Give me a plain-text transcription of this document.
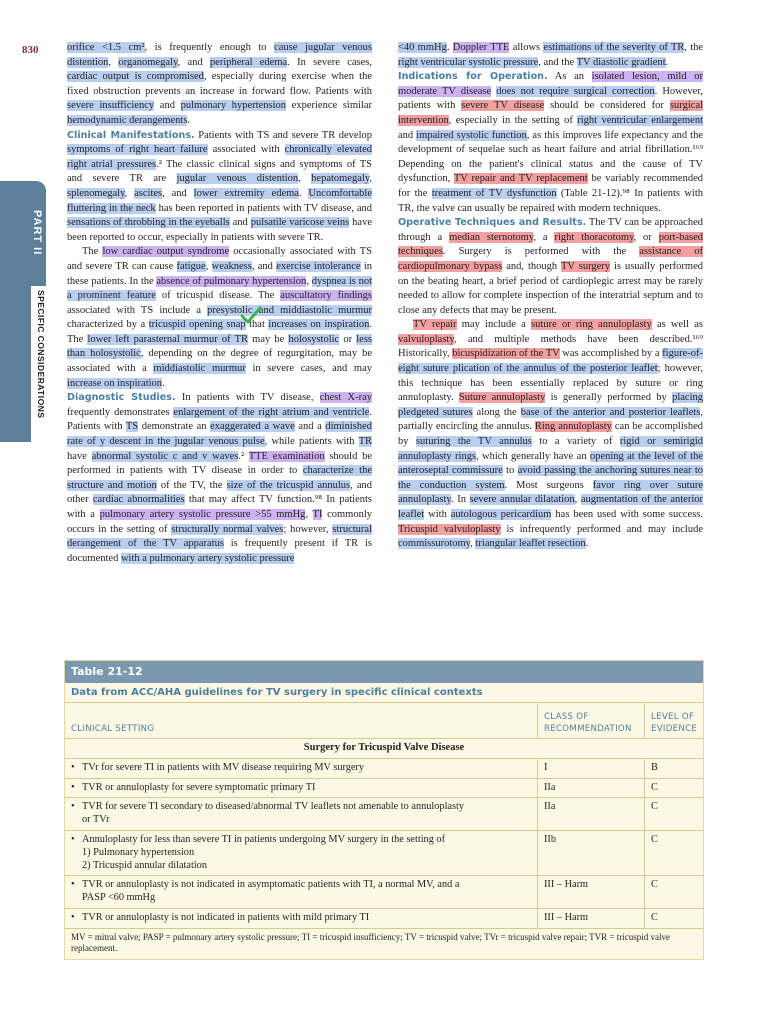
830
PART II
SPECIFIC CONSIDERATIONS

orifice <1.5 cm², is frequently enough to cause jugular venous distention, organomegaly, and peripheral edema. In severe cases, cardiac output is compromised, especially during exercise when the fixed obstruction prevents an increase in forward flow. Patients with severe insufficiency and pulmonary hypertension experience similar hemodynamic derangements.

Clinical Manifestations. Patients with TS and severe TR develop symptoms of right heart failure associated with chronically elevated right atrial pressures.² The classic clinical signs and symptoms of TS and severe TR are jugular venous distention, hepatomegaly, splenomegaly, ascites, and lower extremity edema. Uncomfortable fluttering in the neck has been reported in patients with TV disease, and sensations of throbbing in the eyeballs and pulsatile varicose veins have been reported to occur, especially in patients with severe TR.

The low cardiac output syndrome occasionally associated with TS and severe TR can cause fatigue, weakness, and exercise intolerance in these patients. In the absence of pulmonary hypertension, dyspnea is not a prominent feature of tricuspid disease. The auscultatory findings associated with TS include a presystolic and middiastolic murmur characterized by a tricuspid opening snap that increases on inspiration. The lower left parasternal murmur of TR may be holosystolic or less than holosystolic, depending on the degree of regurgitation, may be associated with a middiastolic murmur in severe cases, and may increase on inspiration.

Diagnostic Studies. In patients with TV disease, chest X-ray frequently demonstrates enlargement of the right atrium and ventricle. Patients with TS demonstrate an exaggerated a wave and a diminished rate of y descent in the jugular venous pulse, while patients with TR have abnormal systolic c and v waves.² TTE examination should be performed in patients with TV disease in order to characterize the structure and motion of the TV, the size of the tricuspid annulus, and other cardiac abnormalities that may affect TV function.⁹⁸ In patients with a pulmonary artery systolic pressure >55 mmHg, TI commonly occurs in the setting of structurally normal valves; however, structural derangement of the TV apparatus is frequently present if TR is documented with a pulmonary artery systolic pressure

<40 mmHg. Doppler TTE allows estimations of the severity of TR, the right ventricular systolic pressure, and the TV diastolic gradient.

Indications for Operation. As an isolated lesion, mild or moderate TV disease does not require surgical correction. However, patients with severe TV disease should be considered for surgical intervention, especially in the setting of right ventricular enlargement and impaired systolic function, as this improves life expectancy and the development of sequelae such as heart failure and atrial fibrillation.¹⁶⁹ Depending on the patient's clinical status and the cause of TV dysfunction, TV repair and TV replacement be variably recommended for the treatment of TV dysfunction (Table 21-12).⁹⁸ In patients with TR, the valve can usually be repaired with modern techniques.

Operative Techniques and Results. The TV can be approached through a median sternotomy, a right thoracotomy, or port-based techniques. Surgery is performed with the assistance of cardiopulmonary bypass and, though TV surgery is usually performed on the beating heart, a brief period of cardioplegic arrest may be rarely needed to allow for complete inspection of the interatrial septum and to close any defects that may be present.

TV repair may include a suture or ring annuloplasty as well as valvuloplasty, and multiple methods have been described.¹⁶⁹ Historically, bicuspidization of the TV was accomplished by a figure-of-eight suture plication of the annulus of the posterior leaflet; however, this technique has been essentially replaced by suture or ring annuloplasty. Suture annuloplasty is generally performed by placing pledgeted sutures along the base of the anterior and posterior leaflets, partially encircling the annulus. Ring annuloplasty can be accomplished by suturing the TV annulus to a variety of rigid or semirigid annuloplasty rings, which generally have an opening at the level of the anteroseptal commissure to avoid passing the anchoring sutures near to the conduction system. Most surgeons favor ring over suture annuloplasty. In severe annular dilatation, augmentation of the anterior leaflet with autologous pericardium has been used with some success. Tricuspid valvuloplasty is infrequently performed and may include commissurotomy, triangular leaflet resection.

Table 21-12
Data from ACC/AHA guidelines for TV surgery in specific clinical contexts
CLINICAL SETTING	CLASS OF RECOMMENDATION	LEVEL OF EVIDENCE
Surgery for Tricuspid Valve Disease		

• TVr for severe TI in patients with MV disease requiring MV surgery	I	B

• TVR or annuloplasty for severe symptomatic primary TI	IIa	C

• TVR for severe TI secondary to diseased/abnormal TV leaflets not amenable to annuloplasty
or TVr	IIa	C

• Annuloplasty for less than severe TI in patients undergoing MV surgery in the setting of
1) Pulmonary hypertension
2) Tricuspid annular dilatation	IIb	C

• TVR or annuloplasty is not indicated in asymptomatic patients with TI, a normal MV, and a
PASP <60 mmHg	III – Harm	C

• TVR or annuloplasty is not indicated in patients with mild primary TI	III – Harm	C
MV = mitral valve; PASP = pulmonary artery systolic pressure; TI = tricuspid insufficiency; TV = tricuspid valve; TVr = tricuspid valve repair; TVR = tricuspid valve replacement.
